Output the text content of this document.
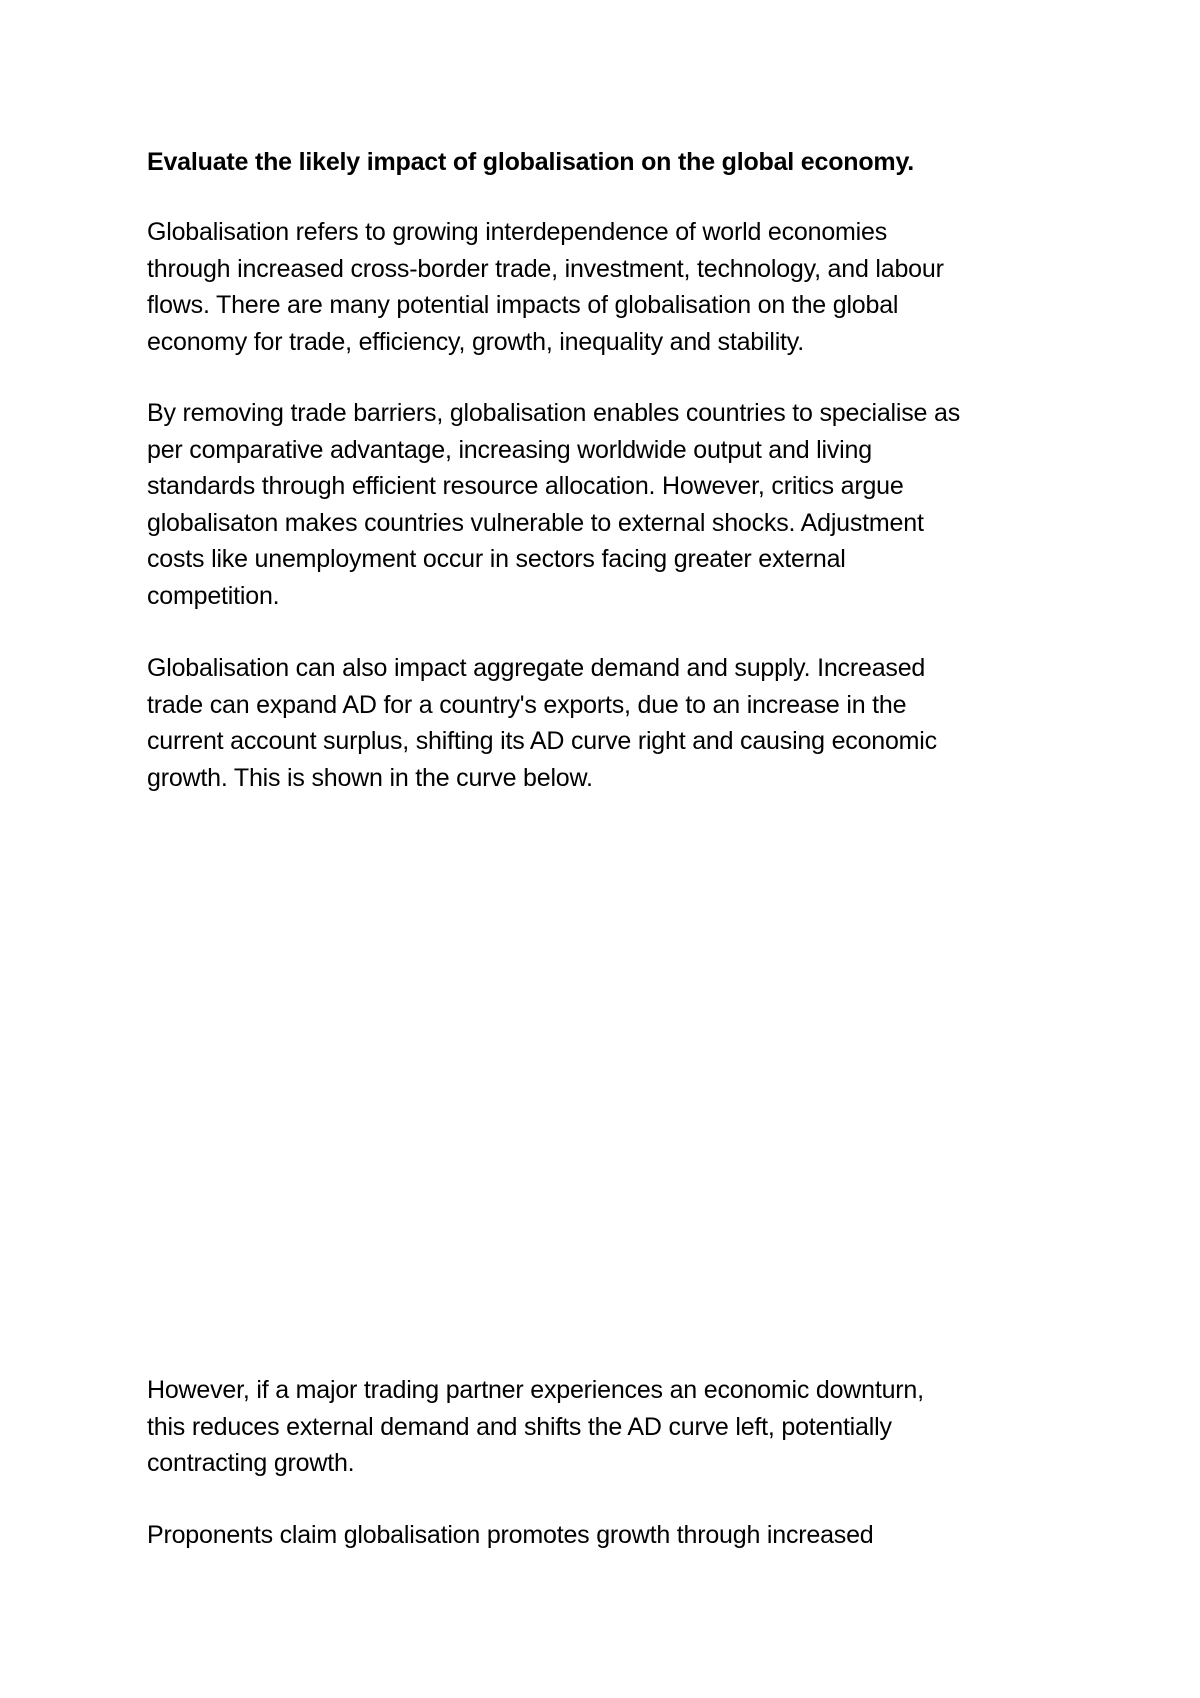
Evaluate the likely impact of globalisation on the global economy.

Globalisation refers to growing interdependence of world economies
through increased cross-border trade, investment, technology, and labour
flows. There are many potential impacts of globalisation on the global
economy for trade, efficiency, growth, inequality and stability.

By removing trade barriers, globalisation enables countries to specialise as
per comparative advantage, increasing worldwide output and living
standards through efficient resource allocation. However, critics argue
globalisaton makes countries vulnerable to external shocks. Adjustment
costs like unemployment occur in sectors facing greater external
competition.

Globalisation can also impact aggregate demand and supply. Increased
trade can expand AD for a country's exports, due to an increase in the
current account surplus, shifting its AD curve right and causing economic
growth. This is shown in the curve below.

However, if a major trading partner experiences an economic downturn,
this reduces external demand and shifts the AD curve left, potentially
contracting growth.

Proponents claim globalisation promotes growth through increased
